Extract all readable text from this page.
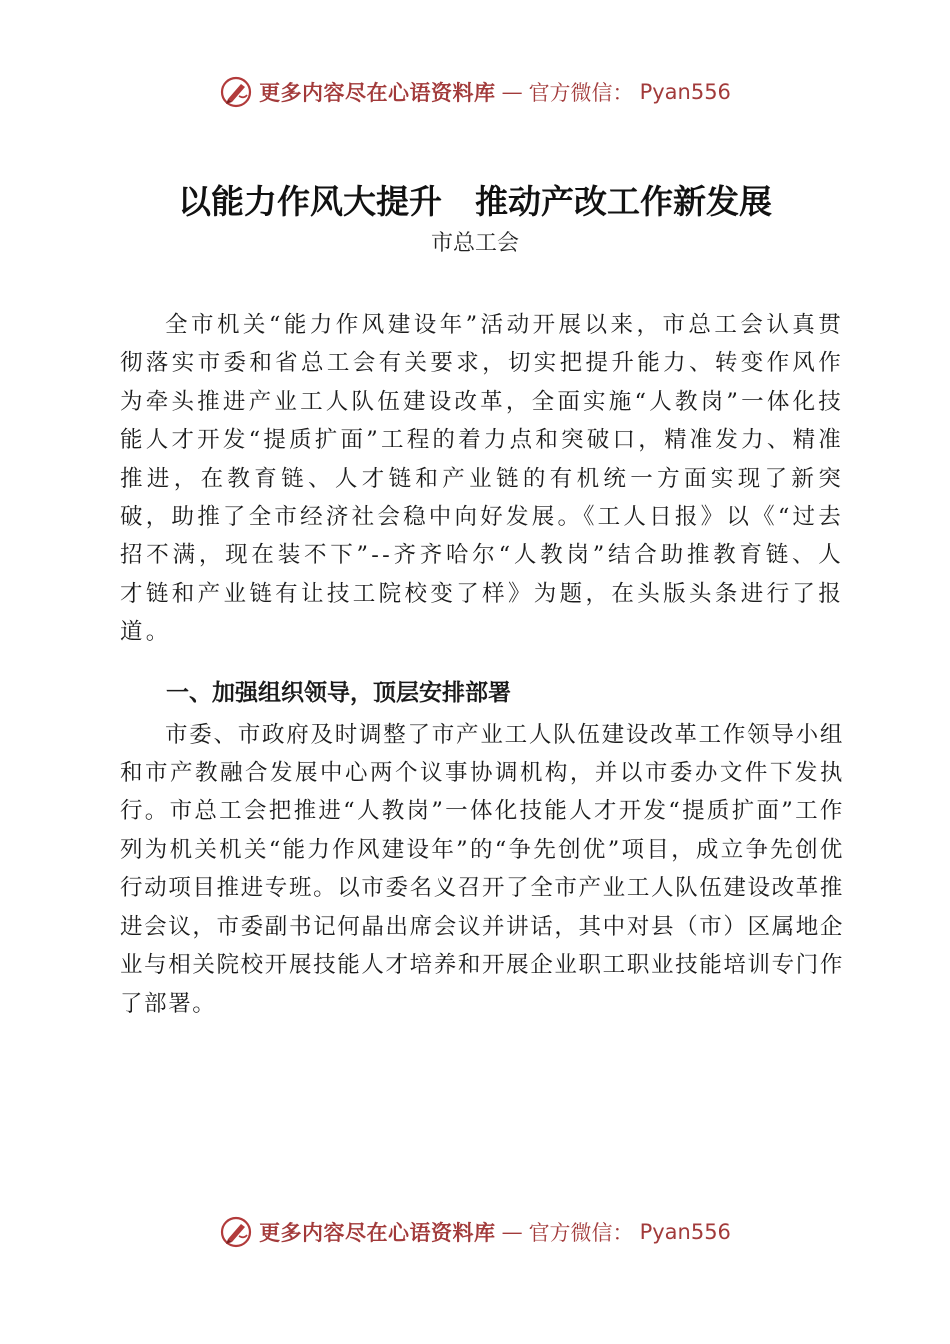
更多内容尽在心语资料库 — 官方微信： Pyan556
以能力作风大提升　推动产改工作新发展
市总工会

全市机关“能力作风建设年”活动开展以来，市总工会认真贯彻落实市委和省总工会有关要求，切实把提升能力、转变作风作为牵头推进产业工人队伍建设改革，全面实施“人教岗”一体化技能人才开发“提质扩面”工程的着力点和突破口，精准发力、精准推进，在教育链、人才链和产业链的有机统一方面实现了新突破，助推了全市经济社会稳中向好发展。《工人日报》以《“过去招不满，现在装不下”--齐齐哈尔“人教岗”结合助推教育链、人才链和产业链有让技工院校变了样》为题，在头版头条进行了报道。

一、加强组织领导，顶层安排部署

市委、市政府及时调整了市产业工人队伍建设改革工作领导小组和市产教融合发展中心两个议事协调机构，并以市委办文件下发执行。市总工会把推进“人教岗”一体化技能人才开发“提质扩面”工作列为机关机关“能力作风建设年”的“争先创优”项目，成立争先创优行动项目推进专班。以市委名义召开了全市产业工人队伍建设改革推进会议，市委副书记何晶出席会议并讲话，其中对县（市）区属地企业与相关院校开展技能人才培养和开展企业职工职业技能培训专门作了部署。

更多内容尽在心语资料库 — 官方微信： Pyan556
